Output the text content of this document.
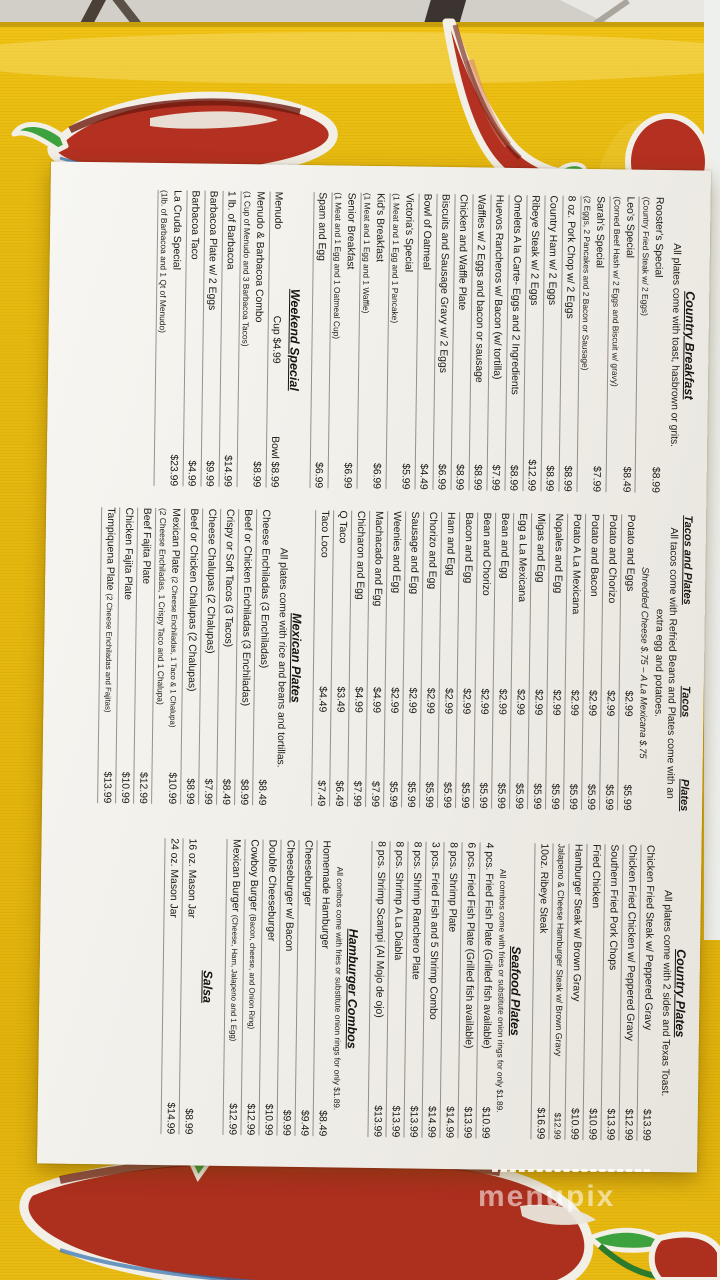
menupix
Country Breakfast
All plates come with toast, hasbrown or grits.
Rooster's Special
$8.99
(Country Fried Steak w/ 2 Eggs)
Leo's Special
$8.49
(Corned Beef Hash w/ 2 Eggs and Biscuit w/ gravy)
Sarah's Special
$7.99
(2 Eggs, 2 Pancakes and 2 Bacon or Sausage)
8 oz. Pork Chop w/ 2 Eggs
$8.99
Country Ham w/ 2 Eggs
$8.99
Ribeye Steak w/ 2 Eggs
$12.99
Omelets A la Carte- Eggs and 2 Ingredients
$8.99
Huevos Rancheros w/ Bacon (w/ tortilla)
$7.99
Waffles w/ 2 Eggs and bacon or sausage
$8.99
Chicken and Waffle Plate
$8.99
Biscuits and Sausage Gravy w/ 2 Eggs
$6.99
Bowl of Oatmeal
$4.49
Victoria's Special
$5.99
(1 Meat and 1 Egg and 1 Pancake)
Kid's Breakfast
$6.99
(1 Meat and 1 Egg and 1 Waffle)
Senior Breakfast
$6.99
(1 Meat and 1 Egg and 1 Oatmeal Cup)
Spam and Egg
$6.99
Weekend Special
Menudo
Cup $4.99
Bowl $8.99
Menudo & Barbacoa Combo
$8.99
(1 Cup of Menudo and 3 Barbacoa Tacos)
1 lb. of Barbacoa
$14.99
Barbacoa Plate w/ 2 Eggs
$9.99
Barbacoa Taco
$4.99
La Cruda Special
$23.99
(1lb. of Barbacoa and 1 Qt of Menudo)
Tacos and Plates
Tacos
Plates
All tacos come with Refried Beans and Plates come with an extra egg and potatoes.
Shredded Cheese $.75 – A La Mexicana $.75
Potato and Eggs
$2.99
$5.99
Potato and Chorizo
$2.99
$5.99
Potato and Bacon
$2.99
$5.99
Potato A La Mexicana
$2.99
$5.99
Nopales and Egg
$2.99
$5.99
Migas and Egg
$2.99
$5.99
Egg a La Mexicana
$2.99
$5.99
Bean and Egg
$2.99
$5.99
Bean and Chorizo
$2.99
$5.99
Bacon and Egg
$2.99
$5.99
Ham and Egg
$2.99
$5.99
Chorizo and Egg
$2.99
$5.99
Sausage and Egg
$2.99
$5.99
Weenies and Egg
$2.99
$5.99
Machacado and Egg
$4.99
$7.99
Chicharon and Egg
$4.99
$7.99
Q Taco
$3.49
$6.49
Taco Loco
$4.49
$7.49
Mexican Plates
All plates come with rice and beans and tortillas.
Cheese Enchiladas (3 Enchiladas)
$8.49
Beef or Chicken Enchiladas (3 Enchiladas)
$8.99
Crispy or Soft Tacos (3 Tacos)
$8.49
Cheese Chalupas (2 Chalupas)
$7.99
Beef or Chicken Chalupas (2 Chalupas)
$8.99
Mexican Plate (2 Cheese Enchiladas, 1 Taco & 1 Chalupa)
$10.99
(2 Cheese Enchiladas, 1 Crispy Taco and 1 Chalupa)
Beef Fajita Plate
$12.99
Chicken Fajita Plate
$10.99
Tampiquena Plate (2 Cheese Enchiladas and Fajitas)
$13.99
Country Plates
All plates come with 2 sides and Texas Toast.
Chicken Fried Steak w/ Peppered Gravy
$13.99
Chicken Fried Chicken w/ Peppered Gravy
$12.99
Southern Fried Pork Chops
$13.99
Fried Chicken
$10.99
Hamburger Steak w/ Brown Gravy
$10.99
Jalapeno & Cheese Hamburger Steak w/ Brown Gravy
$12.99
10oz. Ribeye Steak
$16.99
Seafood Plates
All combos come with fries or substitute onion rings for only $1.89.
4 pcs. Fried Fish Plate (Grilled fish available)
$10.99
6 pcs. Fried Fish Plate (Grilled fish available)
$13.99
8 pcs. Shrimp Plate
$14.99
3 pcs. Fried Fish and 5 Shrimp Combo
$14.99
8 pcs. Shrimp Ranchero Plate
$13.99
8 pcs. Shrimp A La Diabla
$13.99
8 pcs. Shrimp Scampi (Al Mojo de ojo)
$13.99
Hamburger Combos
All combos come with fries or substitute onion rings for only $1.89.
Homemade Hamburger
$8.49
Cheeseburger
$9.49
Cheeseburger w/ Bacon
$9.99
Double Cheeseburger
$10.99
Cowboy Burger (Bacon, cheese, and Onion Ring)
$12.99
Mexican Burger (Cheese, Ham, Jalapeno and 1 Egg)
$12.99
Salsa
16 oz. Mason Jar
$8.99
24 oz. Mason Jar
$14.99
